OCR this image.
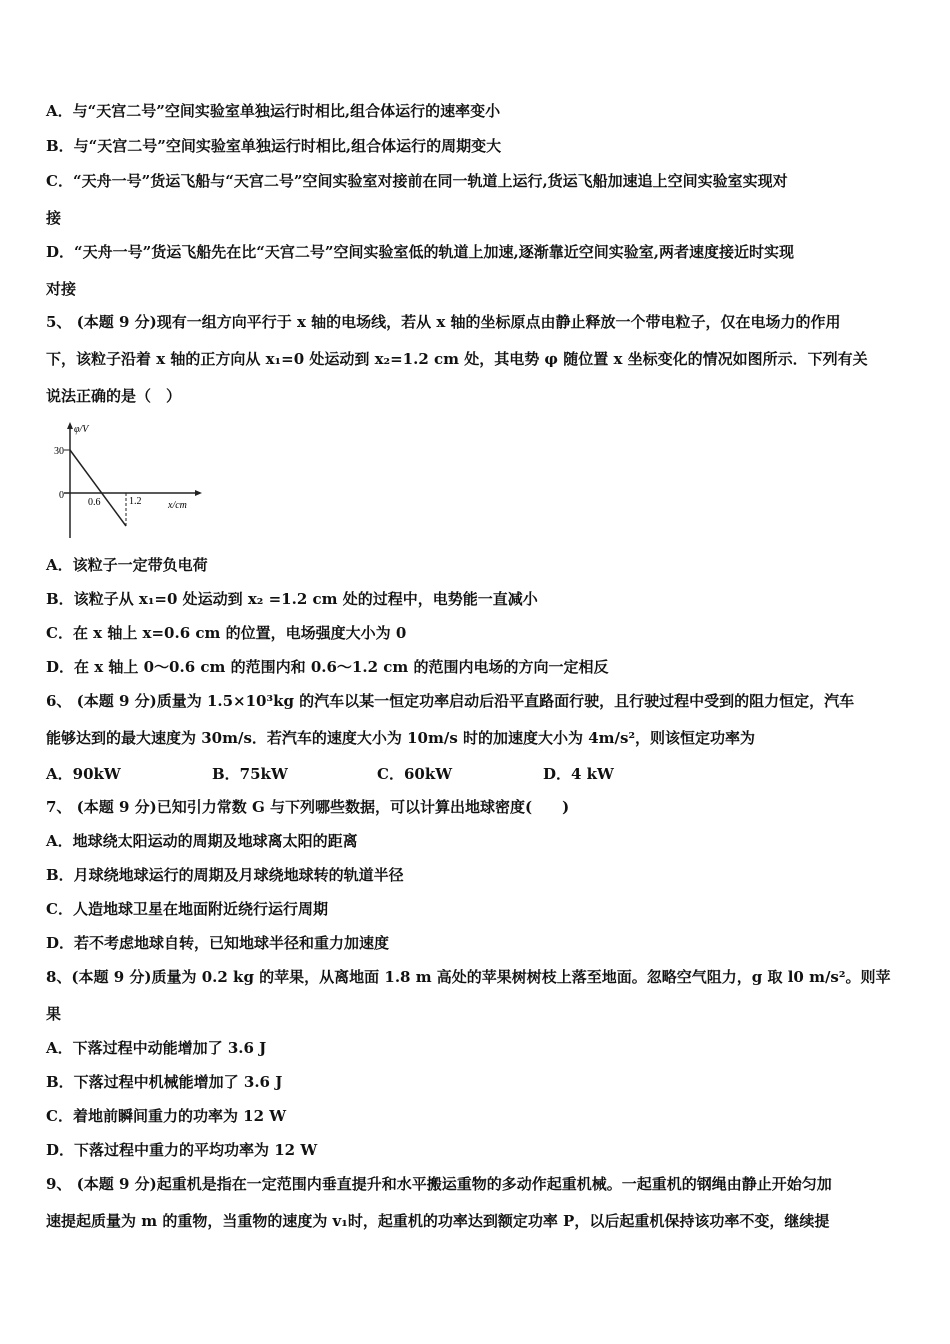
A．与“天宫二号”空间实验室单独运行时相比,组合体运行的速率变小
B．与“天宫二号”空间实验室单独运行时相比,组合体运行的周期变大
C．“天舟一号”货运飞船与“天宫二号”空间实验室对接前在同一轨道上运行,货运飞船加速追上空间实验室实现对
接
D．“天舟一号”货运飞船先在比“天宫二号”空间实验室低的轨道上加速,逐渐靠近空间实验室,两者速度接近时实现
对接
5、 (本题 9 分)现有一组方向平行于 x 轴的电场线，若从 x 轴的坐标原点由静止释放一个带电粒子，仅在电场力的作用
下，该粒子沿着 x 轴的正方向从 x₁=0 处运动到 x₂=1.2 cm 处，其电势 φ 随位置 x 坐标变化的情况如图所示．下列有关
说法正确的是（　）
φ/V
30
0
0.6	1.2	x/cm
A．该粒子一定带负电荷
B．该粒子从 x₁=0 处运动到 x₂ =1.2 cm 处的过程中，电势能一直减小
C．在 x 轴上 x=0.6 cm 的位置，电场强度大小为 0
D．在 x 轴上 0～0.6 cm 的范围内和 0.6～1.2 cm 的范围内电场的方向一定相反
6、 (本题 9 分)质量为 1.5×10³kg 的汽车以某一恒定功率启动后沿平直路面行驶，且行驶过程中受到的阻力恒定，汽车
能够达到的最大速度为 30m/s．若汽车的速度大小为 10m/s 时的加速度大小为 4m/s²，则该恒定功率为
A．90kW	B．75kW	C．60kW	D．4 kW
7、 (本题 9 分)已知引力常数 G 与下列哪些数据，可以计算出地球密度(　　)
A．地球绕太阳运动的周期及地球离太阳的距离
B．月球绕地球运行的周期及月球绕地球转的轨道半径
C．人造地球卫星在地面附近绕行运行周期
D．若不考虑地球自转，已知地球半径和重力加速度
8、(本题 9 分)质量为 0.2 kg 的苹果，从离地面 1.8 m 高处的苹果树树枝上落至地面。忽略空气阻力，g 取 l0 m/s²。则苹
果
A．下落过程中动能增加了 3.6 J
B．下落过程中机械能增加了 3.6 J
C．着地前瞬间重力的功率为 12 W
D．下落过程中重力的平均功率为 12 W
9、 (本题 9 分)起重机是指在一定范围内垂直提升和水平搬运重物的多动作起重机械。一起重机的钢绳由静止开始匀加
速提起质量为 m 的重物，当重物的速度为 v₁时，起重机的功率达到额定功率 P，以后起重机保持该功率不变，继续提
